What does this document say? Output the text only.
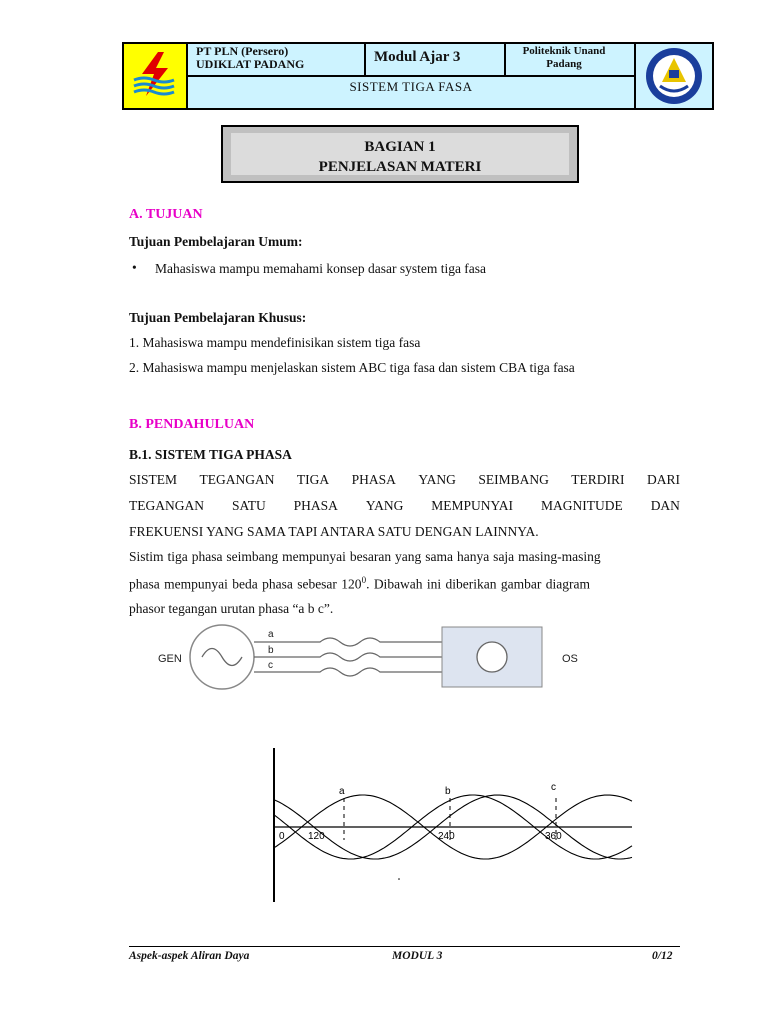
PT PLN (Persero)
UDIKLAT PADANG	Modul Ajar 3	Politeknik Unand
Padang
SISTEM TIGA FASA
BAGIAN 1
PENJELASAN MATERI
A. TUJUAN
Tujuan Pembelajaran Umum:
• Mahasiswa mampu memahami konsep dasar system tiga fasa
Tujuan Pembelajaran Khusus:
1. Mahasiswa mampu mendefinisikan sistem tiga fasa
2. Mahasiswa mampu menjelaskan sistem ABC tiga fasa dan sistem CBA tiga fasa
B. PENDAHULUAN
B.1. SISTEM TIGA PHASA
SISTEM TEGANGAN TIGA PHASA YANG SEIMBANG TERDIRI DARI
TEGANGAN SATU PHASA YANG MEMPUNYAI MAGNITUDE DAN
FREKUENSI YANG SAMA TAPI ANTARA SATU DENGAN LAINNYA.
Sistim tiga phasa seimbang mempunyai besaran yang sama hanya saja masing-masing
phasa mempunyai beda phasa sebesar $120^0$. Dibawah ini diberikan gambar diagram
phasor tegangan urutan phasa “a b c”.
GEN
a
b
c
OS
a	b	c
0 120	240	360
Aspek-aspek Aliran Daya	MODUL 3	0/12
